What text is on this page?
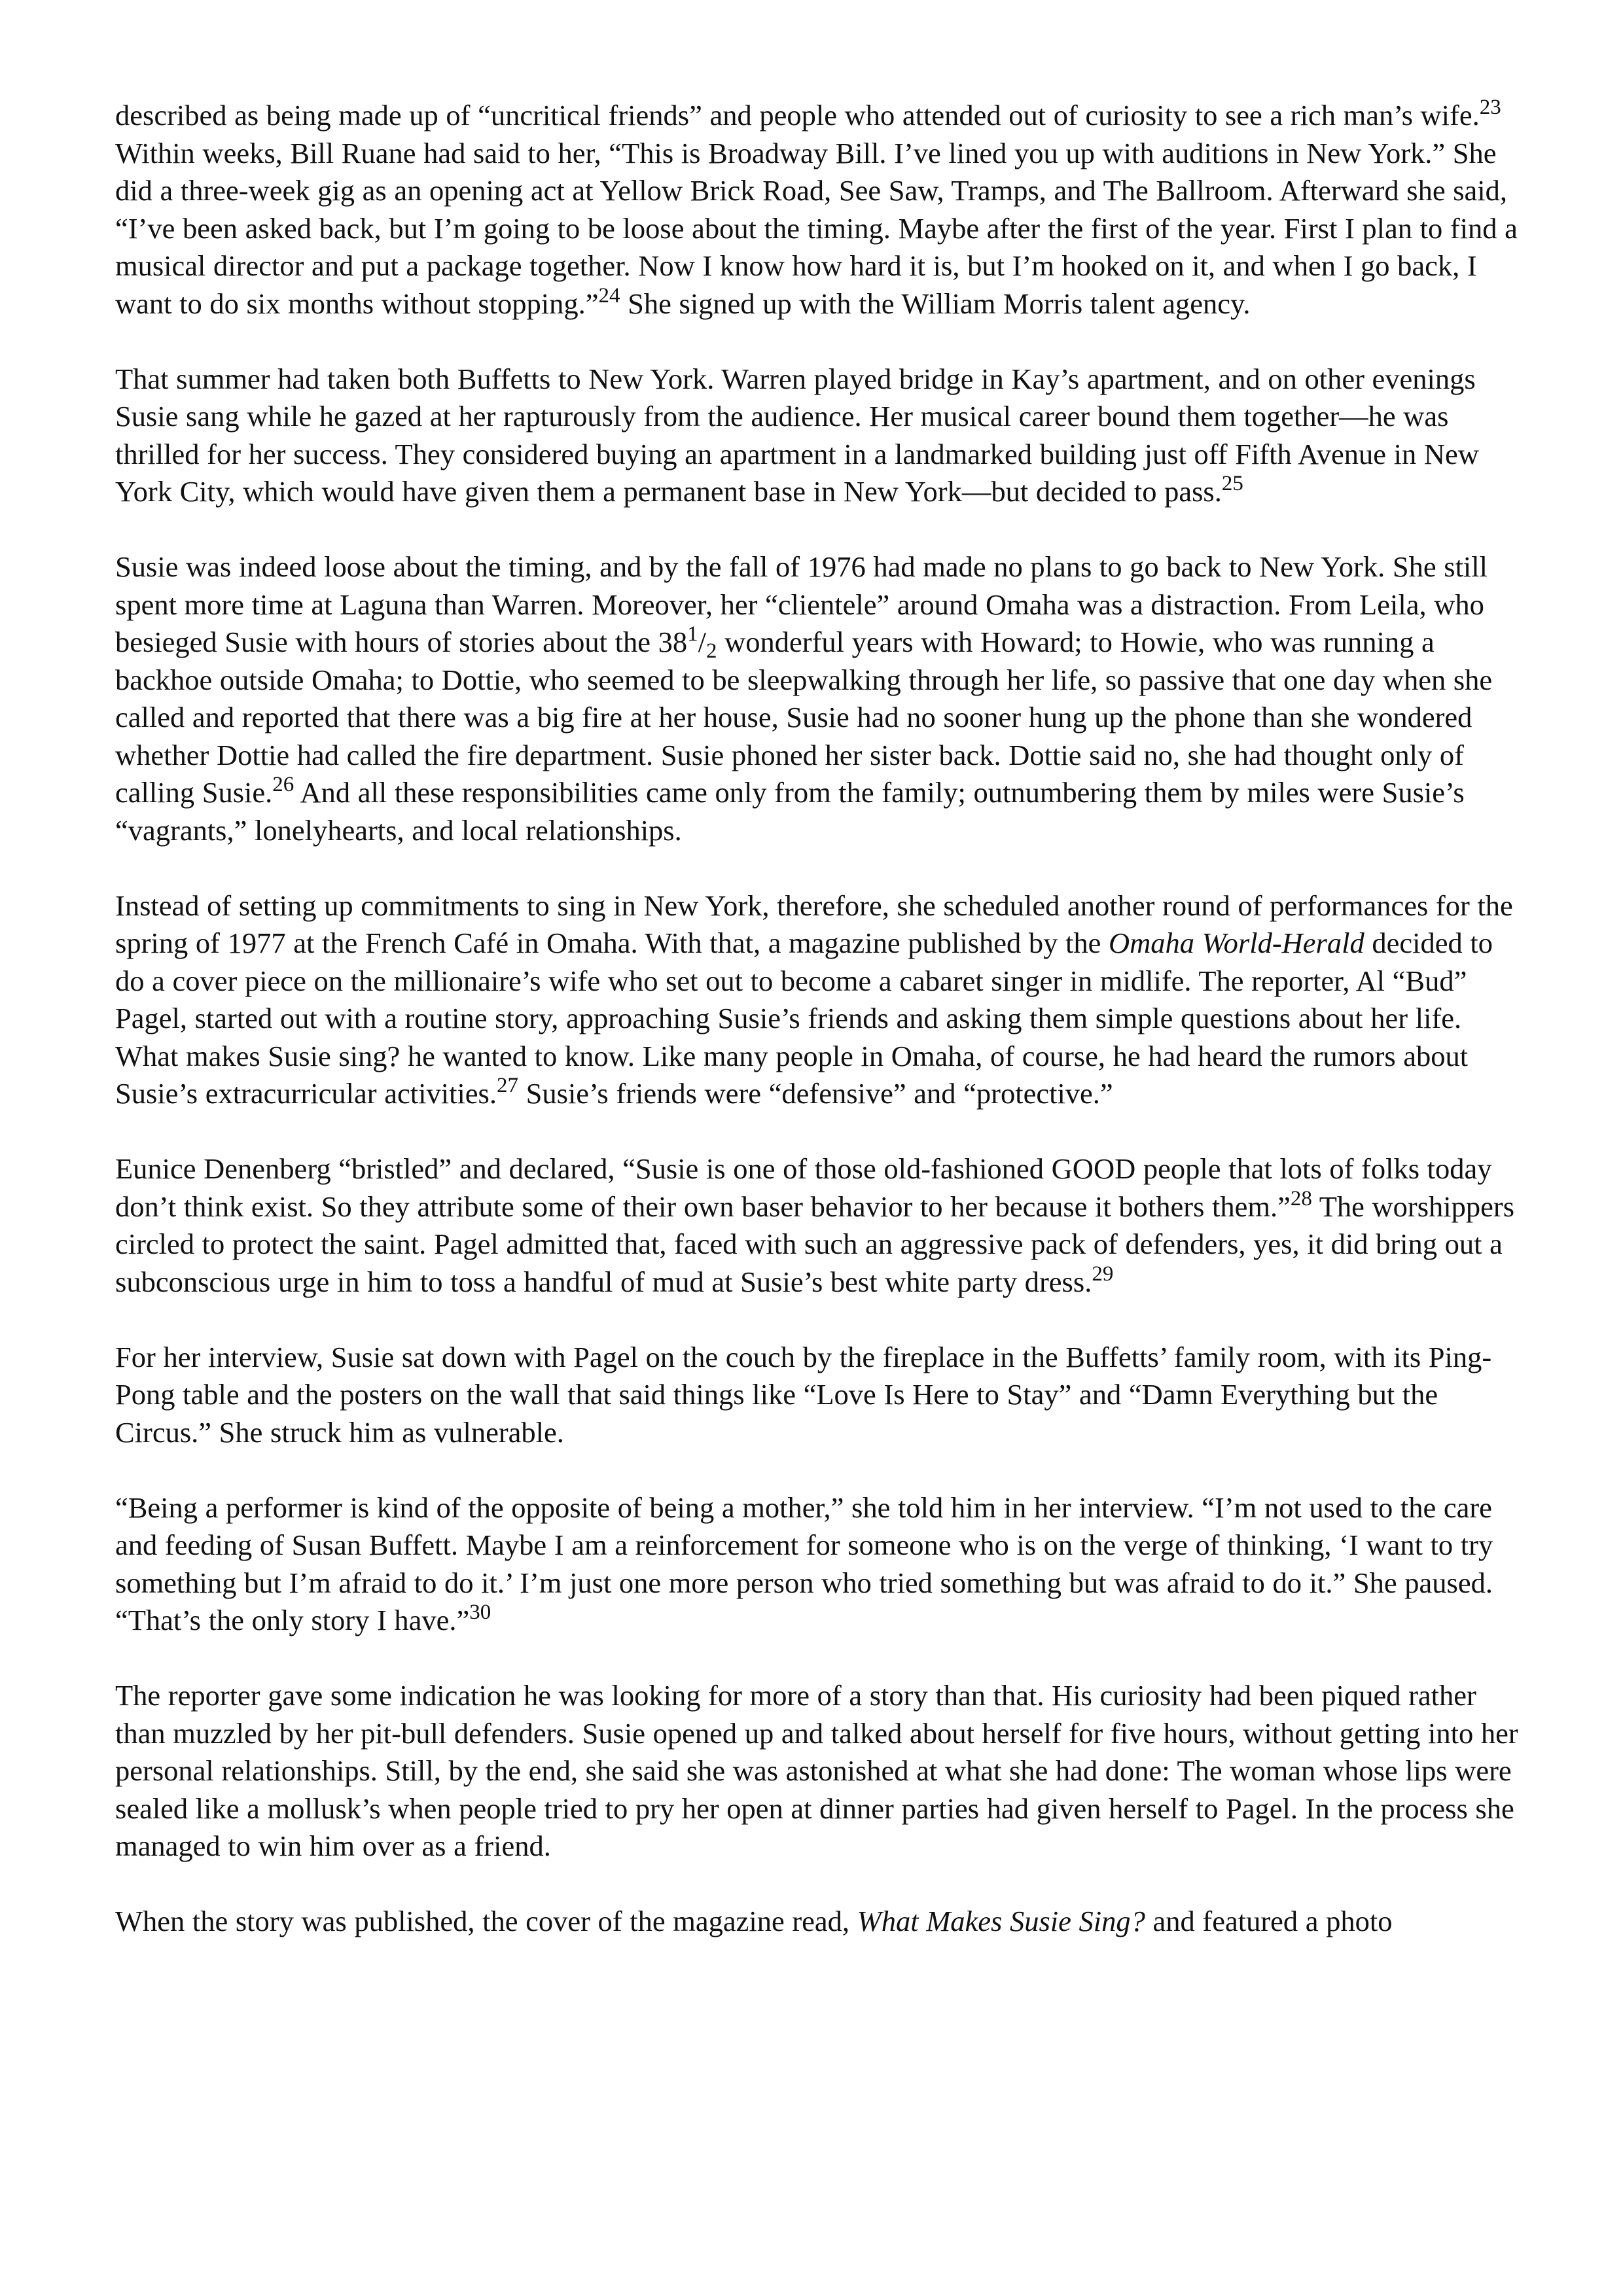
described as being made up of “uncritical friends” and people who attended out of curiosity to see a rich man’s wife.$^{23}$ Within weeks, Bill Ruane had said to her, “This is Broadway Bill. I’ve lined you up with auditions in New York.” She did a three-week gig as an opening act at Yellow Brick Road, See Saw, Tramps, and The Ballroom. Afterward she said, “I’ve been asked back, but I’m going to be loose about the timing. Maybe after the first of the year. First I plan to find a musical director and put a package together. Now I know how hard it is, but I’m hooked on it, and when I go back, I want to do six months without stopping.”$^{24}$ She signed up with the William Morris talent agency.

That summer had taken both Buffetts to New York. Warren played bridge in Kay’s apartment, and on other evenings Susie sang while he gazed at her rapturously from the audience. Her musical career bound them together—he was thrilled for her success. They considered buying an apartment in a landmarked building just off Fifth Avenue in New York City, which would have given them a permanent base in New York—but decided to pass.$^{25}$

Susie was indeed loose about the timing, and by the fall of 1976 had made no plans to go back to New York. She still spent more time at Laguna than Warren. Moreover, her “clientele” around Omaha was a distraction. From Leila, who besieged Susie with hours of stories about the $38^1/_2$ wonderful years with Howard; to Howie, who was running a backhoe outside Omaha; to Dottie, who seemed to be sleepwalking through her life, so passive that one day when she called and reported that there was a big fire at her house, Susie had no sooner hung up the phone than she wondered whether Dottie had called the fire department. Susie phoned her sister back. Dottie said no, she had thought only of calling Susie.$^{26}$ And all these responsibilities came only from the family; outnumbering them by miles were Susie’s “vagrants,” lonelyhearts, and local relationships.

Instead of setting up commitments to sing in New York, therefore, she scheduled another round of performances for the spring of 1977 at the French Café in Omaha. With that, a magazine published by the Omaha World-Herald decided to do a cover piece on the millionaire’s wife who set out to become a cabaret singer in midlife. The reporter, Al “Bud” Pagel, started out with a routine story, approaching Susie’s friends and asking them simple questions about her life. What makes Susie sing? he wanted to know. Like many people in Omaha, of course, he had heard the rumors about Susie’s extracurricular activities.$^{27}$ Susie’s friends were “defensive” and “protective.”

Eunice Denenberg “bristled” and declared, “Susie is one of those old-fashioned GOOD people that lots of folks today don’t think exist. So they attribute some of their own baser behavior to her because it bothers them.”$^{28}$ The worshippers circled to protect the saint. Pagel admitted that, faced with such an aggressive pack of defenders, yes, it did bring out a subconscious urge in him to toss a handful of mud at Susie’s best white party dress.$^{29}$

For her interview, Susie sat down with Pagel on the couch by the fireplace in the Buffetts’ family room, with its Ping-Pong table and the posters on the wall that said things like “Love Is Here to Stay” and “Damn Everything but the Circus.” She struck him as vulnerable.

“Being a performer is kind of the opposite of being a mother,” she told him in her interview. “I’m not used to the care and feeding of Susan Buffett. Maybe I am a reinforcement for someone who is on the verge of thinking, ‘I want to try something but I’m afraid to do it.’ I’m just one more person who tried something but was afraid to do it.” She paused. “That’s the only story I have.”$^{30}$

The reporter gave some indication he was looking for more of a story than that. His curiosity had been piqued rather than muzzled by her pit-bull defenders. Susie opened up and talked about herself for five hours, without getting into her personal relationships. Still, by the end, she said she was astonished at what she had done: The woman whose lips were sealed like a mollusk’s when people tried to pry her open at dinner parties had given herself to Pagel. In the process she managed to win him over as a friend.

When the story was published, the cover of the magazine read, What Makes Susie Sing? and featured a photo
